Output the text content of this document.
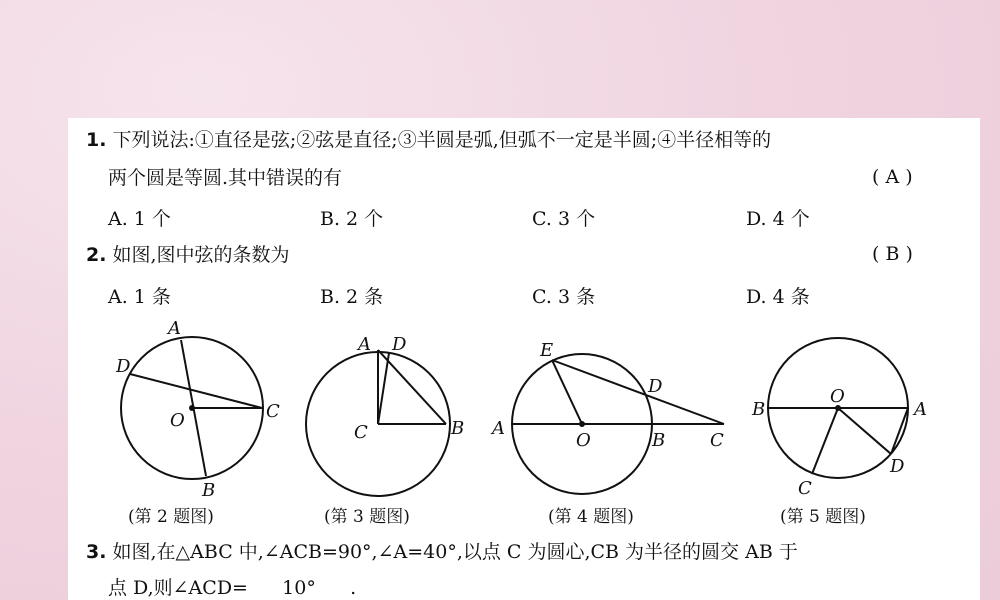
1. 下列说法:①直径是弦;②弦是直径;③半圆是弧,但弧不一定是半圆;④半径相等的
两个圆是等圆.其中错误的有	( A )
A. 1 个	B. 2 个	C. 3 个	D. 4 个
2. 如图,图中弦的条数为	( B )
A. 1 条	B. 2 条	C. 3 条	D. 4 条
A
D
O	C
B
(第 2 题图)
A D
C	B
(第 3 题图)
E
D
A
O	B C
(第 4 题图)
O
B	A
D
C
(第 5 题图)
3. 如图,在△ABC 中,∠ACB=90°,∠A=40°,以点 C 为圆心,CB 为半径的圆交 AB 于
点 D,则∠ACD= 10° .
